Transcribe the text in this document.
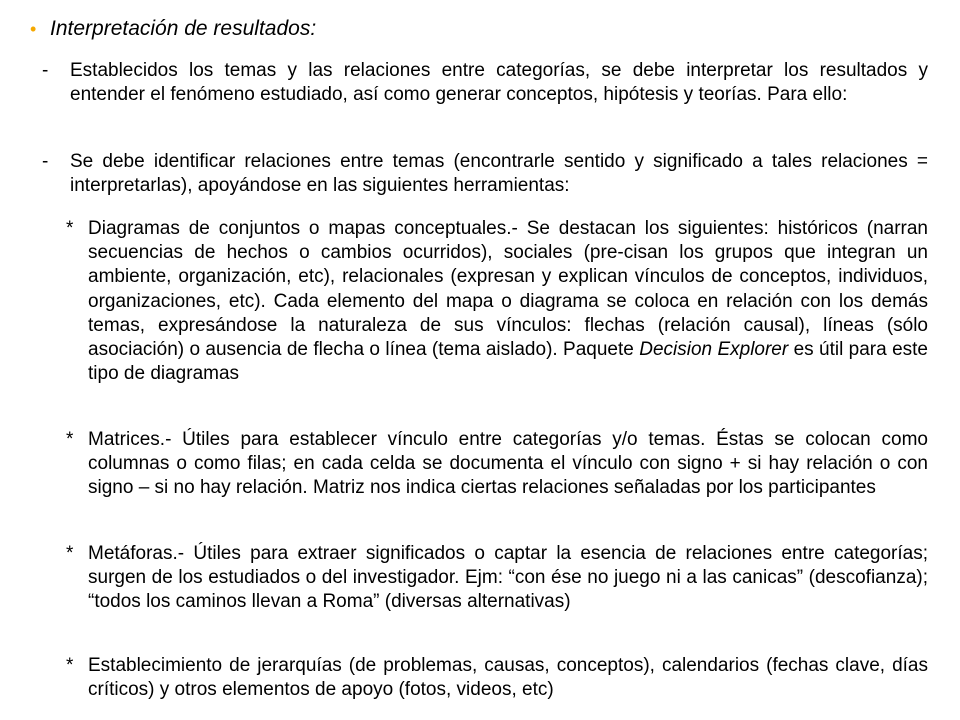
• Interpretación de resultados:
- Establecidos los temas y las relaciones entre categorías, se debe interpretar los resultados y entender el fenómeno estudiado, así como generar conceptos, hipótesis y teorías. Para ello:
- Se debe identificar relaciones entre temas (encontrarle sentido y significado a tales relaciones = interpretarlas), apoyándose en las siguientes herramientas:
* Diagramas de conjuntos o mapas conceptuales.- Se destacan los siguientes: históricos (narran secuencias de hechos o cambios ocurridos), sociales (pre-cisan los grupos que integran un ambiente, organización, etc), relacionales (expresan y explican vínculos de conceptos, individuos, organizaciones, etc). Cada elemento del mapa o diagrama se coloca en relación con los demás temas, expresándose la naturaleza de sus vínculos: flechas (relación causal), líneas (sólo asociación) o ausencia de flecha o línea (tema aislado). Paquete Decision Explorer es útil para este tipo de diagramas
* Matrices.- Útiles para establecer vínculo entre categorías y/o temas. Éstas se colocan como columnas o como filas; en cada celda se documenta el vínculo con signo + si hay relación o con signo – si no hay relación. Matriz nos indica ciertas relaciones señaladas por los participantes
* Metáforas.- Útiles para extraer significados o captar la esencia de relaciones entre categorías; surgen de los estudiados o del investigador. Ejm: “con ése no juego ni a las canicas” (descofianza); “todos los caminos llevan a Roma” (diversas alternativas)
* Establecimiento de jerarquías (de problemas, causas, conceptos), calendarios (fechas clave, días críticos) y otros elementos de apoyo (fotos, videos, etc)
